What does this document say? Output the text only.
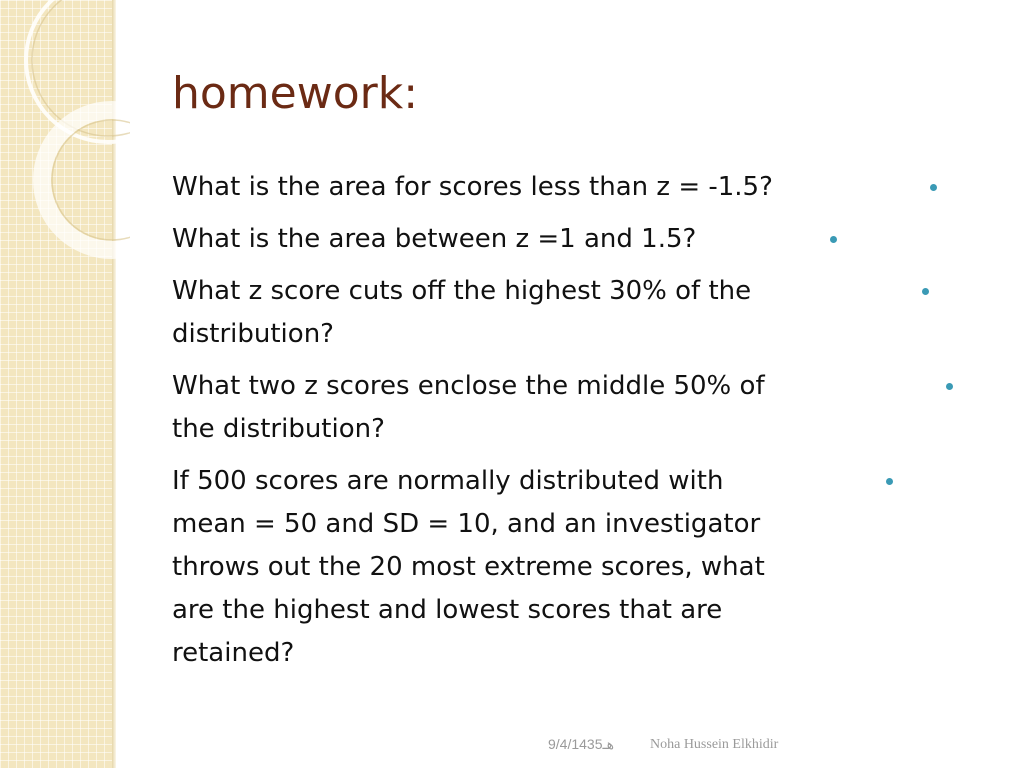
homework:
What is the area for scores less than z = -1.5?
What is the area between z =1 and 1.5?
What z score cuts off the highest 30% of the
distribution?
What two z scores enclose the middle 50% of
the distribution?
If 500 scores are normally distributed with
mean = 50 and SD = 10, and an investigator
throws out the 20 most extreme scores, what
are the highest and lowest scores that are
retained?
9/4/1435هـ	Noha Hussein Elkhidir
